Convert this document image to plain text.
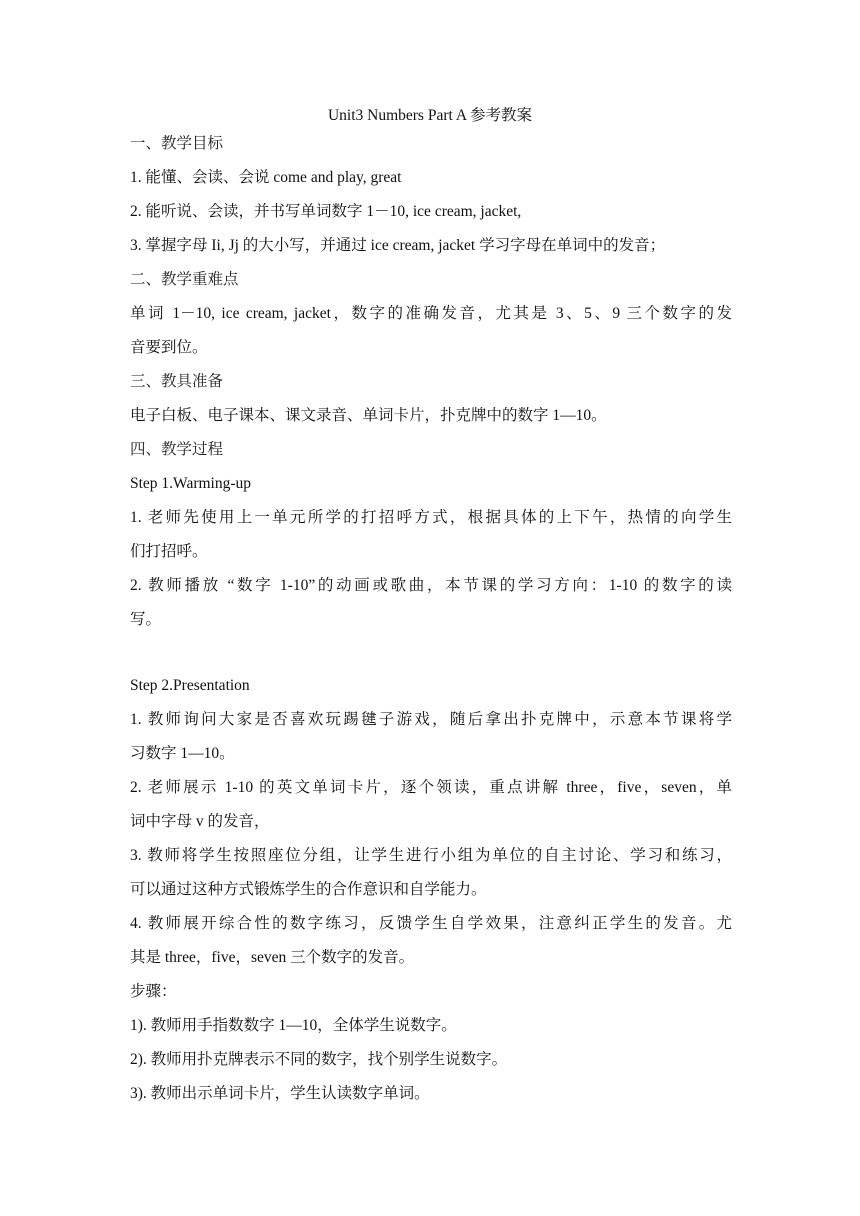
Unit3 Numbers Part A 参考教案
一、教学目标
1. 能懂、会读、会说 come and play, great
2. 能听说、会读，并书写单词数字 1－10, ice cream, jacket,
3. 掌握字母 Ii, Jj 的大小写，并通过 ice cream, jacket 学习字母在单词中的发音；
二、教学重难点
单词 1－10, ice cream, jacket，数字的准确发音，尤其是 3、5、9 三个数字的发
音要到位。
三、教具准备
电子白板、电子课本、课文录音、单词卡片，扑克牌中的数字 1—10。
四、教学过程
Step 1.Warming-up
1. 老师先使用上一单元所学的打招呼方式，根据具体的上下午，热情的向学生
们打招呼。
2. 教师播放 “数字 1-10”的动画或歌曲，本节课的学习方向：1-10 的数字的读
写。
Step 2.Presentation
1. 教师询问大家是否喜欢玩踢毽子游戏，随后拿出扑克牌中，示意本节课将学
习数字 1—10。
2. 老师展示 1-10 的英文单词卡片，逐个领读，重点讲解 three，five，seven，单
词中字母 v 的发音，
3. 教师将学生按照座位分组，让学生进行小组为单位的自主讨论、学习和练习，
可以通过这种方式锻炼学生的合作意识和自学能力。
4. 教师展开综合性的数字练习，反馈学生自学效果，注意纠正学生的发音。尤
其是 three，five，seven 三个数字的发音。
步骤：
1). 教师用手指数数字 1—10，全体学生说数字。
2). 教师用扑克牌表示不同的数字，找个别学生说数字。
3). 教师出示单词卡片，学生认读数字单词。
